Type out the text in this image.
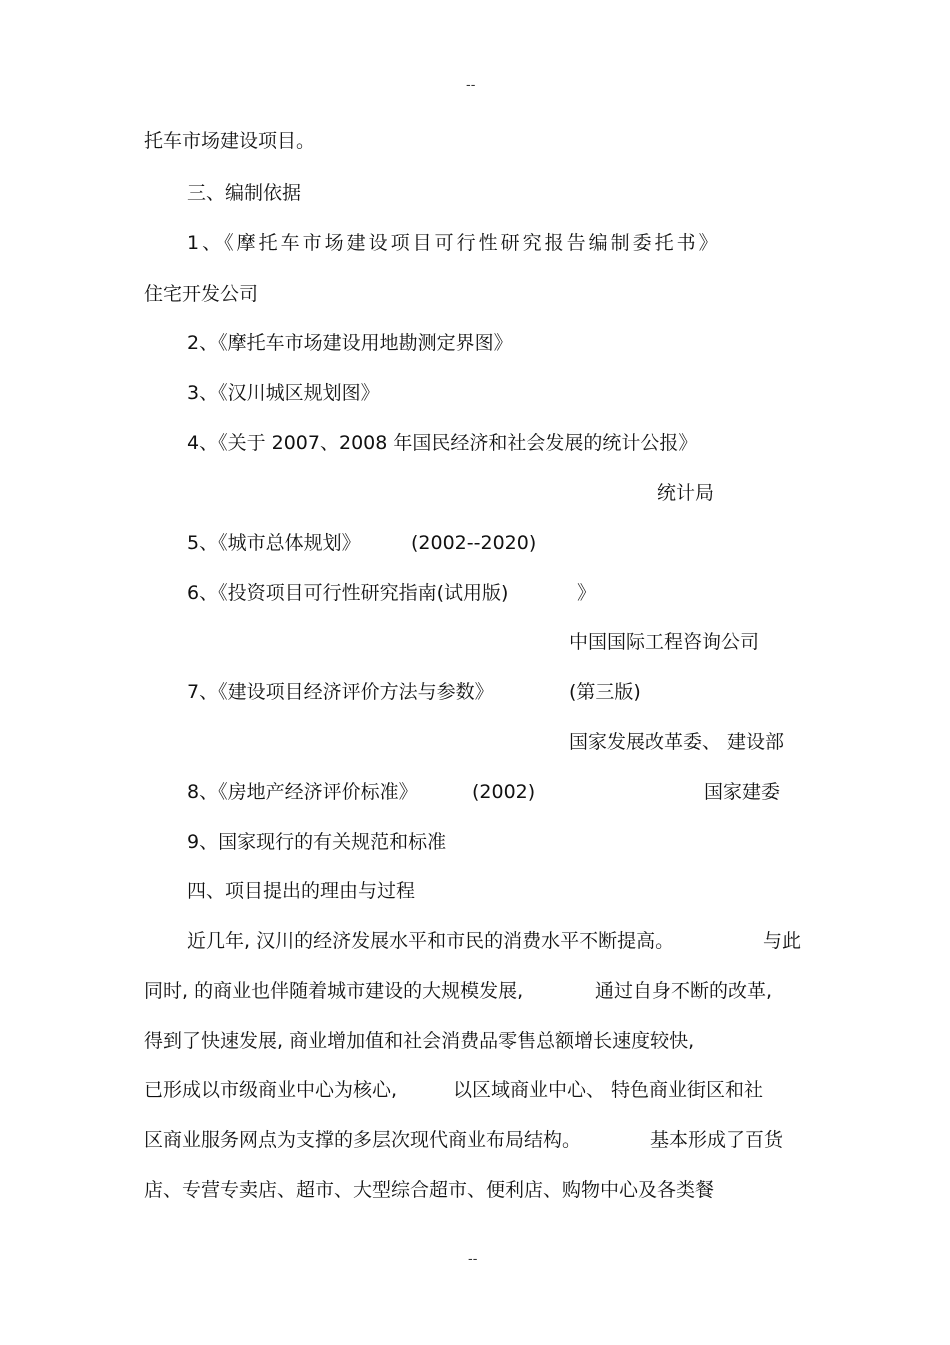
--
托车市场建设项目。
三、编制依据
1、《摩托车市场建设项目可行性研究报告编制委托书》
住宅开发公司
2、《摩托车市场建设用地勘测定界图》
3、《汉川城区规划图》
4、《关于 2007、2008 年国民经济和社会发展的统计公报》
统计局
5、《城市总体规划》	(2002--2020)
6、《投资项目可行性研究指南(试用版)	》
中国国际工程咨询公司
7、《建设项目经济评价方法与参数》	(第三版)
国家发展改革委、 建设部
8、《房地产经济评价标准》	(2002)	国家建委
9、国家现行的有关规范和标准
四、项目提出的理由与过程
近几年, 汉川的经济发展水平和市民的消费水平不断提高。	与此
同时, 的商业也伴随着城市建设的大规模发展,	通过自身不断的改革,
得到了快速发展, 商业增加值和社会消费品零售总额增长速度较快,
已形成以市级商业中心为核心,	以区域商业中心、 特色商业街区和社
区商业服务网点为支撑的多层次现代商业布局结构。	基本形成了百货
店、专营专卖店、超市、大型综合超市、便利店、购物中心及各类餐
--
